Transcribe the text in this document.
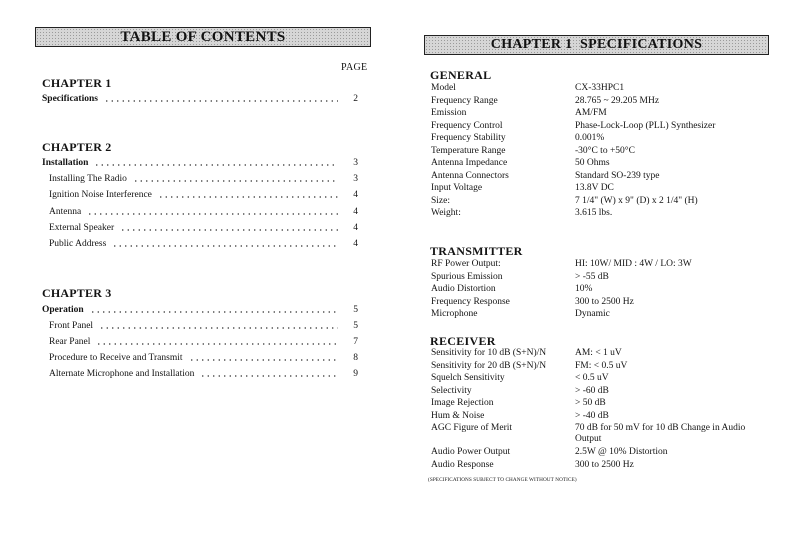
TABLE OF CONTENTS
PAGE
CHAPTER 1
Specifications	2
CHAPTER 2
Installation	3
Installing The Radio	3
Ignition Noise Interference	4
Antenna	4
External Speaker	4
Public Address	4
CHAPTER 3
Operation	5
Front Panel	5
Rear Panel	7
Procedure to Receive and Transmit	8
Alternate Microphone and Installation	9
CHAPTER 1  SPECIFICATIONS
GENERAL
Model	CX-33HPC1
Frequency Range	28.765 ~ 29.205 MHz
Emission	AM/FM
Frequency Control	Phase-Lock-Loop (PLL) Synthesizer
Frequency Stability	0.001%
Temperature Range	-30°C to +50°C
Antenna Impedance	50 Ohms
Antenna Connectors	Standard SO-239 type
Input Voltage	13.8V DC
Size:	7 1/4" (W) x 9" (D) x 2 1/4" (H)
Weight:	3.615 lbs.
TRANSMITTER
RF Power Output:	HI: 10W/ MID : 4W / LO: 3W
Spurious Emission	> -55 dB
Audio Distortion	10%
Frequency Response	300 to 2500 Hz
Microphone	Dynamic
RECEIVER
Sensitivity for 10 dB (S+N)/N	AM: < 1 uV
Sensitivity for 20 dB (S+N)/N	FM: < 0.5 uV
Squelch Sensitivity	< 0.5 uV
Selectivity	> -60 dB
Image Rejection	> 50 dB
Hum & Noise	> -40 dB
AGC Figure of Merit	70 dB for 50 mV for 10 dB Change in Audio Output
Audio Power Output	2.5W @ 10% Distortion
Audio Response	300 to 2500 Hz
(SPECIFICATIONS SUBJECT TO CHANGE WITHOUT NOTICE)
